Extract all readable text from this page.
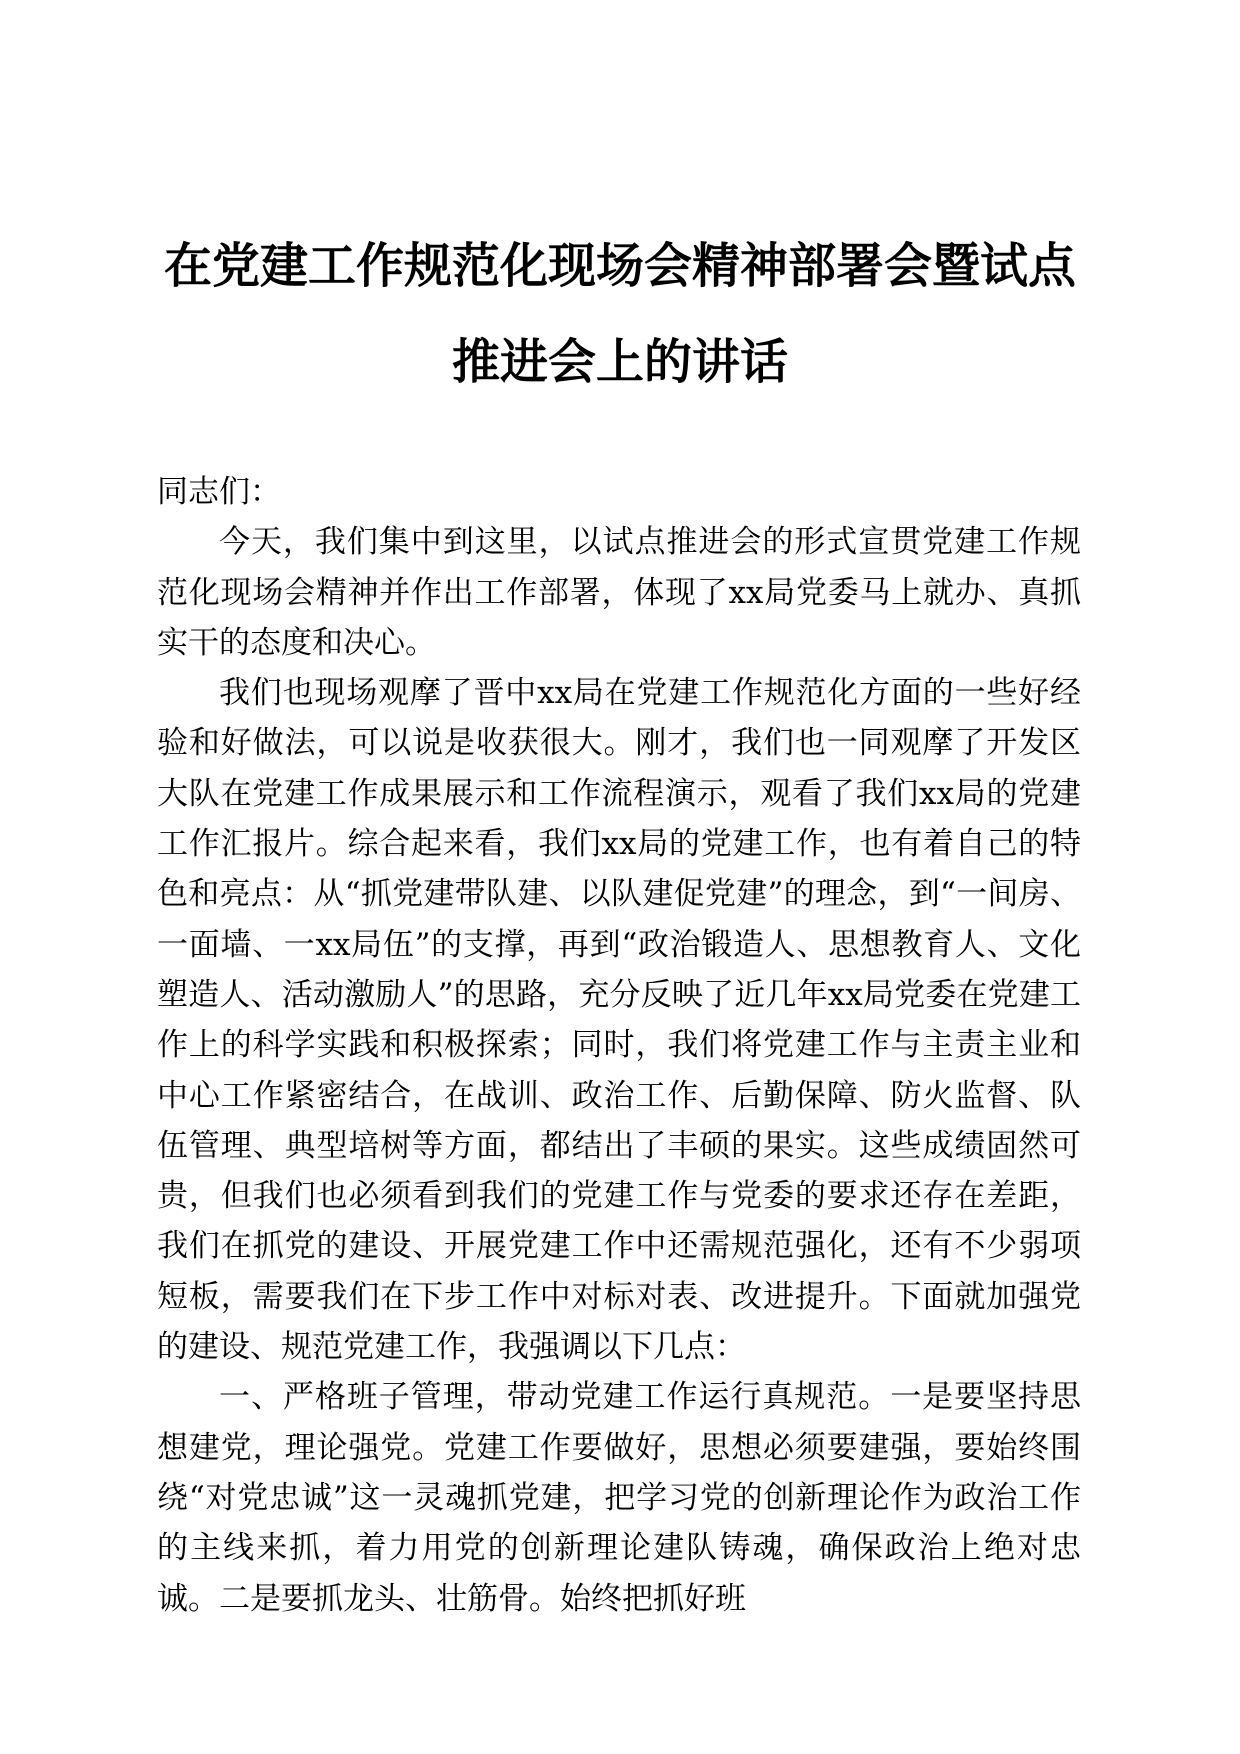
在党建工作规范化现场会精神部署会暨试点推进会上的讲话

同志们：

今天，我们集中到这里，以试点推进会的形式宣贯党建工作规范化现场会精神并作出工作部署，体现了xx局党委马上就办、真抓实干的态度和决心。

我们也现场观摩了晋中xx局在党建工作规范化方面的一些好经验和好做法，可以说是收获很大。刚才，我们也一同观摩了开发区大队在党建工作成果展示和工作流程演示，观看了我们xx局的党建工作汇报片。综合起来看，我们xx局的党建工作，也有着自己的特色和亮点：从“抓党建带队建、以队建促党建”的理念，到“一间房、一面墙、一xx局伍”的支撑，再到“政治锻造人、思想教育人、文化塑造人、活动激励人”的思路，充分反映了近几年xx局党委在党建工作上的科学实践和积极探索；同时，我们将党建工作与主责主业和中心工作紧密结合，在战训、政治工作、后勤保障、防火监督、队伍管理、典型培树等方面，都结出了丰硕的果实。这些成绩固然可贵，但我们也必须看到我们的党建工作与党委的要求还存在差距，我们在抓党的建设、开展党建工作中还需规范强化，还有不少弱项短板，需要我们在下步工作中对标对表、改进提升。下面就加强党的建设、规范党建工作，我强调以下几点：

一、严格班子管理，带动党建工作运行真规范。一是要坚持思想建党，理论强党。党建工作要做好，思想必须要建强，要始终围绕“对党忠诚”这一灵魂抓党建，把学习党的创新理论作为政治工作的主线来抓，着力用党的创新理论建队铸魂，确保政治上绝对忠诚。二是要抓龙头、壮筋骨。始终把抓好班
